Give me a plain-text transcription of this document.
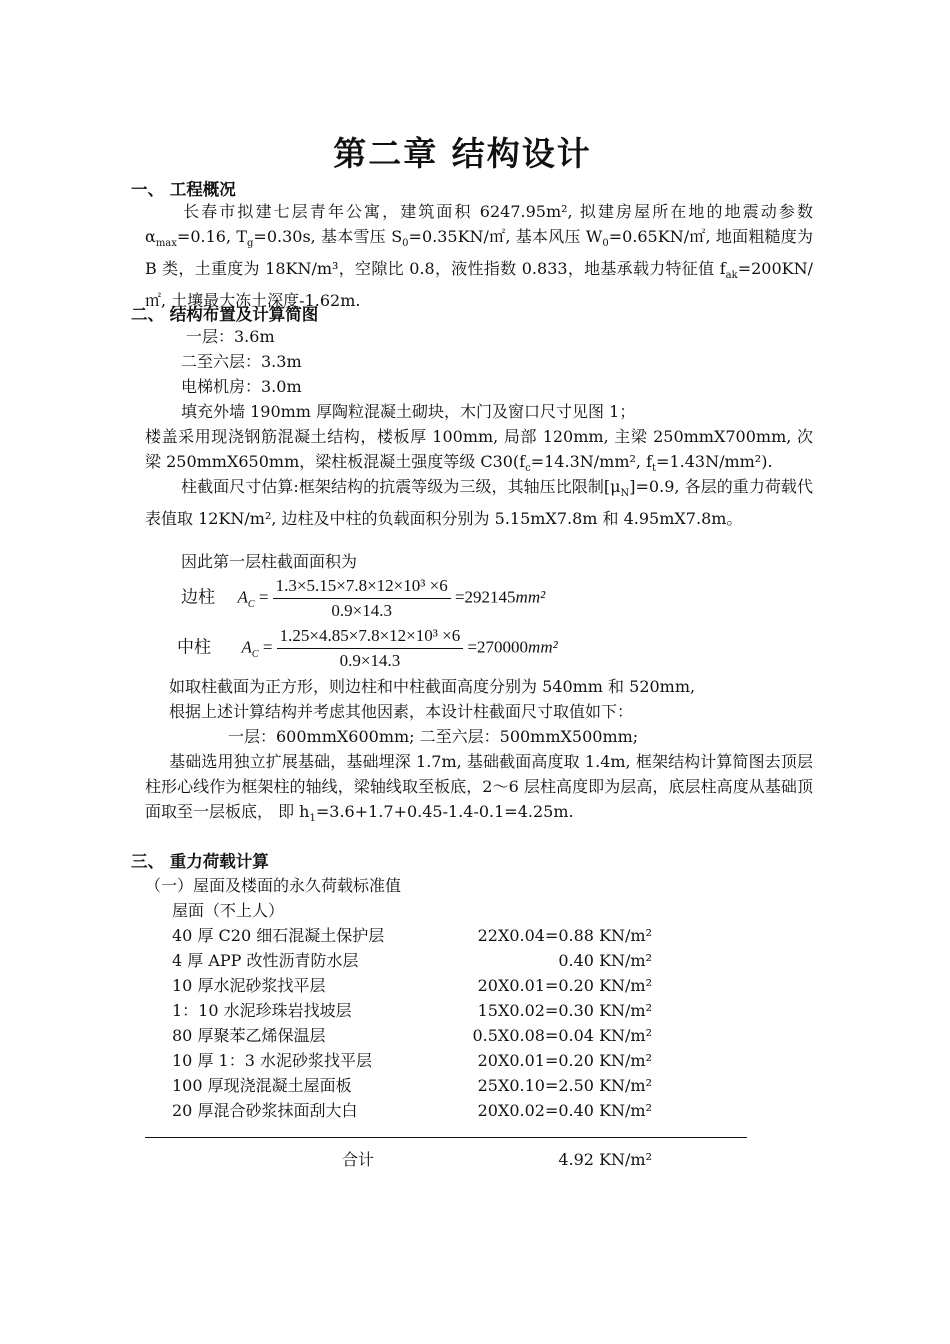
第二章 结构设计
一、 工程概况
长春市拟建七层青年公寓，建筑面积 6247.95m², 拟建房屋所在地的地震动参数 $\alpha_{max}=0.16$, $T_g=0.30s$, 基本雪压 $S_0=0.35KN/㎡$, 基本风压 $W_0=0.65KN/㎡$, 地面粗糙度为 B 类，土重度为 18KN/m³，空隙比 0.8，液性指数 0.833，地基承载力特征值 $f_{ak}=200KN/㎡$, 土壤最大冻土深度-1.62m.
二、 结构布置及计算简图
一层：3.6m
二至六层：3.3m
电梯机房：3.0m
填充外墙 190mm 厚陶粒混凝土砌块，木门及窗口尺寸见图 1；
楼盖采用现浇钢筋混凝土结构，楼板厚 100mm, 局部 120mm, 主梁 250mmX700mm, 次梁 250mmX650mm，梁柱板混凝土强度等级 $C30(f_c=14.3N$/mm², $f_t=1.43N/mm^2$).
柱截面尺寸估算:框架结构的抗震等级为三级，其轴压比限制$[\mu_N]=0.9$, 各层的重力荷载代表值取 12KN/m², 边柱及中柱的负载面积分别为 5.15mX7.8m 和 4.95mX7.8m。
因此第一层柱截面面积为
边柱 $A_C = \frac{\text{1.3×5.15×7.8×12×10³ ×6}}{0.9\times 14.3} =292145mm^2$
中柱 $A_C = \frac{\text{1.25×4.85×7.8×12×10³ ×6}}{0.9\times 14.3} =270000mm^2$
如取柱截面为正方形，则边柱和中柱截面高度分别为 540mm 和 520mm,
根据上述计算结构并考虑其他因素，本设计柱截面尺寸取值如下：
一层：600mmX600mm; 二至六层：500mmX500mm;
基础选用独立扩展基础，基础埋深 1.7m, 基础截面高度取 1.4m, 框架结构计算简图去顶层柱形心线作为框架柱的轴线，梁轴线取至板底，2～6 层柱高度即为层高，底层柱高度从基础顶面取至一层板底， 即 $h_1=3.6+1.7+0.45-1.4-0.1=4.25m$.
三、 重力荷载计算
（一）屋面及楼面的永久荷载标准值
屋面（不上人）
40 厚 C20 细石混凝土保护层	22X0.04=0.88 KN/m²
4 厚 APP 改性沥青防水层	0.40 KN/m²
10 厚水泥砂浆找平层	20X0.01=0.20 KN/m²
1：10 水泥珍珠岩找坡层	15X0.02=0.30 KN/m²
80 厚聚苯乙烯保温层	0.5X0.08=0.04 KN/m²
10 厚 1：3 水泥砂浆找平层	20X0.01=0.20 KN/m²
100 厚现浇混凝土屋面板	25X0.10=2.50 KN/m²
20 厚混合砂浆抹面刮大白	20X0.02=0.40 KN/m²
合计	4.92 KN/m²
